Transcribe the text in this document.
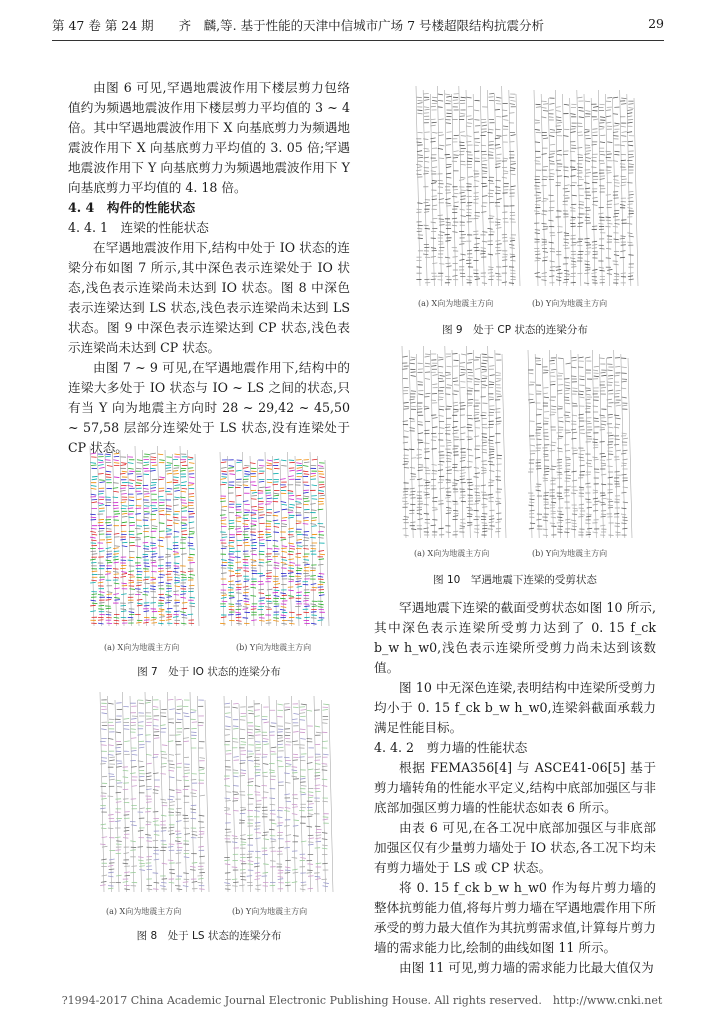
第 47 卷 第 24 期　　齐　麟,等. 基于性能的天津中信城市广场 7 号楼超限结构抗震分析	29

由图 6 可见,罕遇地震波作用下楼层剪力包络值约为频遇地震波作用下楼层剪力平均值的 3 ~ 4 倍。其中罕遇地震波作用下 X 向基底剪力为频遇地震波作用下 X 向基底剪力平均值的 3. 05 倍;罕遇地震波作用下 Y 向基底剪力为频遇地震波作用下 Y 向基底剪力平均值的 4. 18 倍。

4. 4　构件的性能状态

4. 4. 1　连梁的性能状态

在罕遇地震波作用下,结构中处于 IO 状态的连梁分布如图 7 所示,其中深色表示连梁处于 IO 状态,浅色表示连梁尚未达到 IO 状态。图 8 中深色表示连梁达到 LS 状态,浅色表示连梁尚未达到 LS 状态。图 9 中深色表示连梁达到 CP 状态,浅色表示连梁尚未达到 CP 状态。

由图 7 ~ 9 可见,在罕遇地震作用下,结构中的连梁大多处于 IO 状态与 IO ~ LS 之间的状态,只有当 Y 向为地震主方向时 28 ~ 29,42 ~ 45,50 ~ 57,58 层部分连梁处于 LS 状态,没有连梁处于 CP 状态。

(a) X向为地震主方向	(b) Y向为地震主方向
图 7　处于 IO 状态的连梁分布
(a) X向为地震主方向	(b) Y向为地震主方向
图 8　处于 LS 状态的连梁分布
(a) X向为地震主方向	(b) Y向为地震主方向
图 9　处于 CP 状态的连梁分布
(a) X向为地震主方向	(b) Y向为地震主方向
图 10　罕遇地震下连梁的受剪状态

罕遇地震下连梁的截面受剪状态如图 10 所示,其中深色表示连梁所受剪力达到了 0. 15 f_ck b_w h_w0,浅色表示连梁所受剪力尚未达到该数值。

图 10 中无深色连梁,表明结构中连梁所受剪力均小于 0. 15 f_ck b_w h_w0,连梁斜截面承载力满足性能目标。

4. 4. 2　剪力墙的性能状态

根据 FEMA356[4] 与 ASCE41-06[5] 基于剪力墙转角的性能水平定义,结构中底部加强区与非底部加强区剪力墙的性能状态如表 6 所示。

由表 6 可见,在各工况中底部加强区与非底部加强区仅有少量剪力墙处于 IO 状态,各工况下均未有剪力墙处于 LS 或 CP 状态。

将 0. 15 f_ck b_w h_w0 作为每片剪力墙的整体抗剪能力值,将每片剪力墙在罕遇地震作用下所承受的剪力最大值作为其抗剪需求值,计算每片剪力墙的需求能力比,绘制的曲线如图 11 所示。

由图 11 可见,剪力墙的需求能力比最大值仅为

?1994-2017 China Academic Journal Electronic Publishing House. All rights reserved.　http://www.cnki.net
